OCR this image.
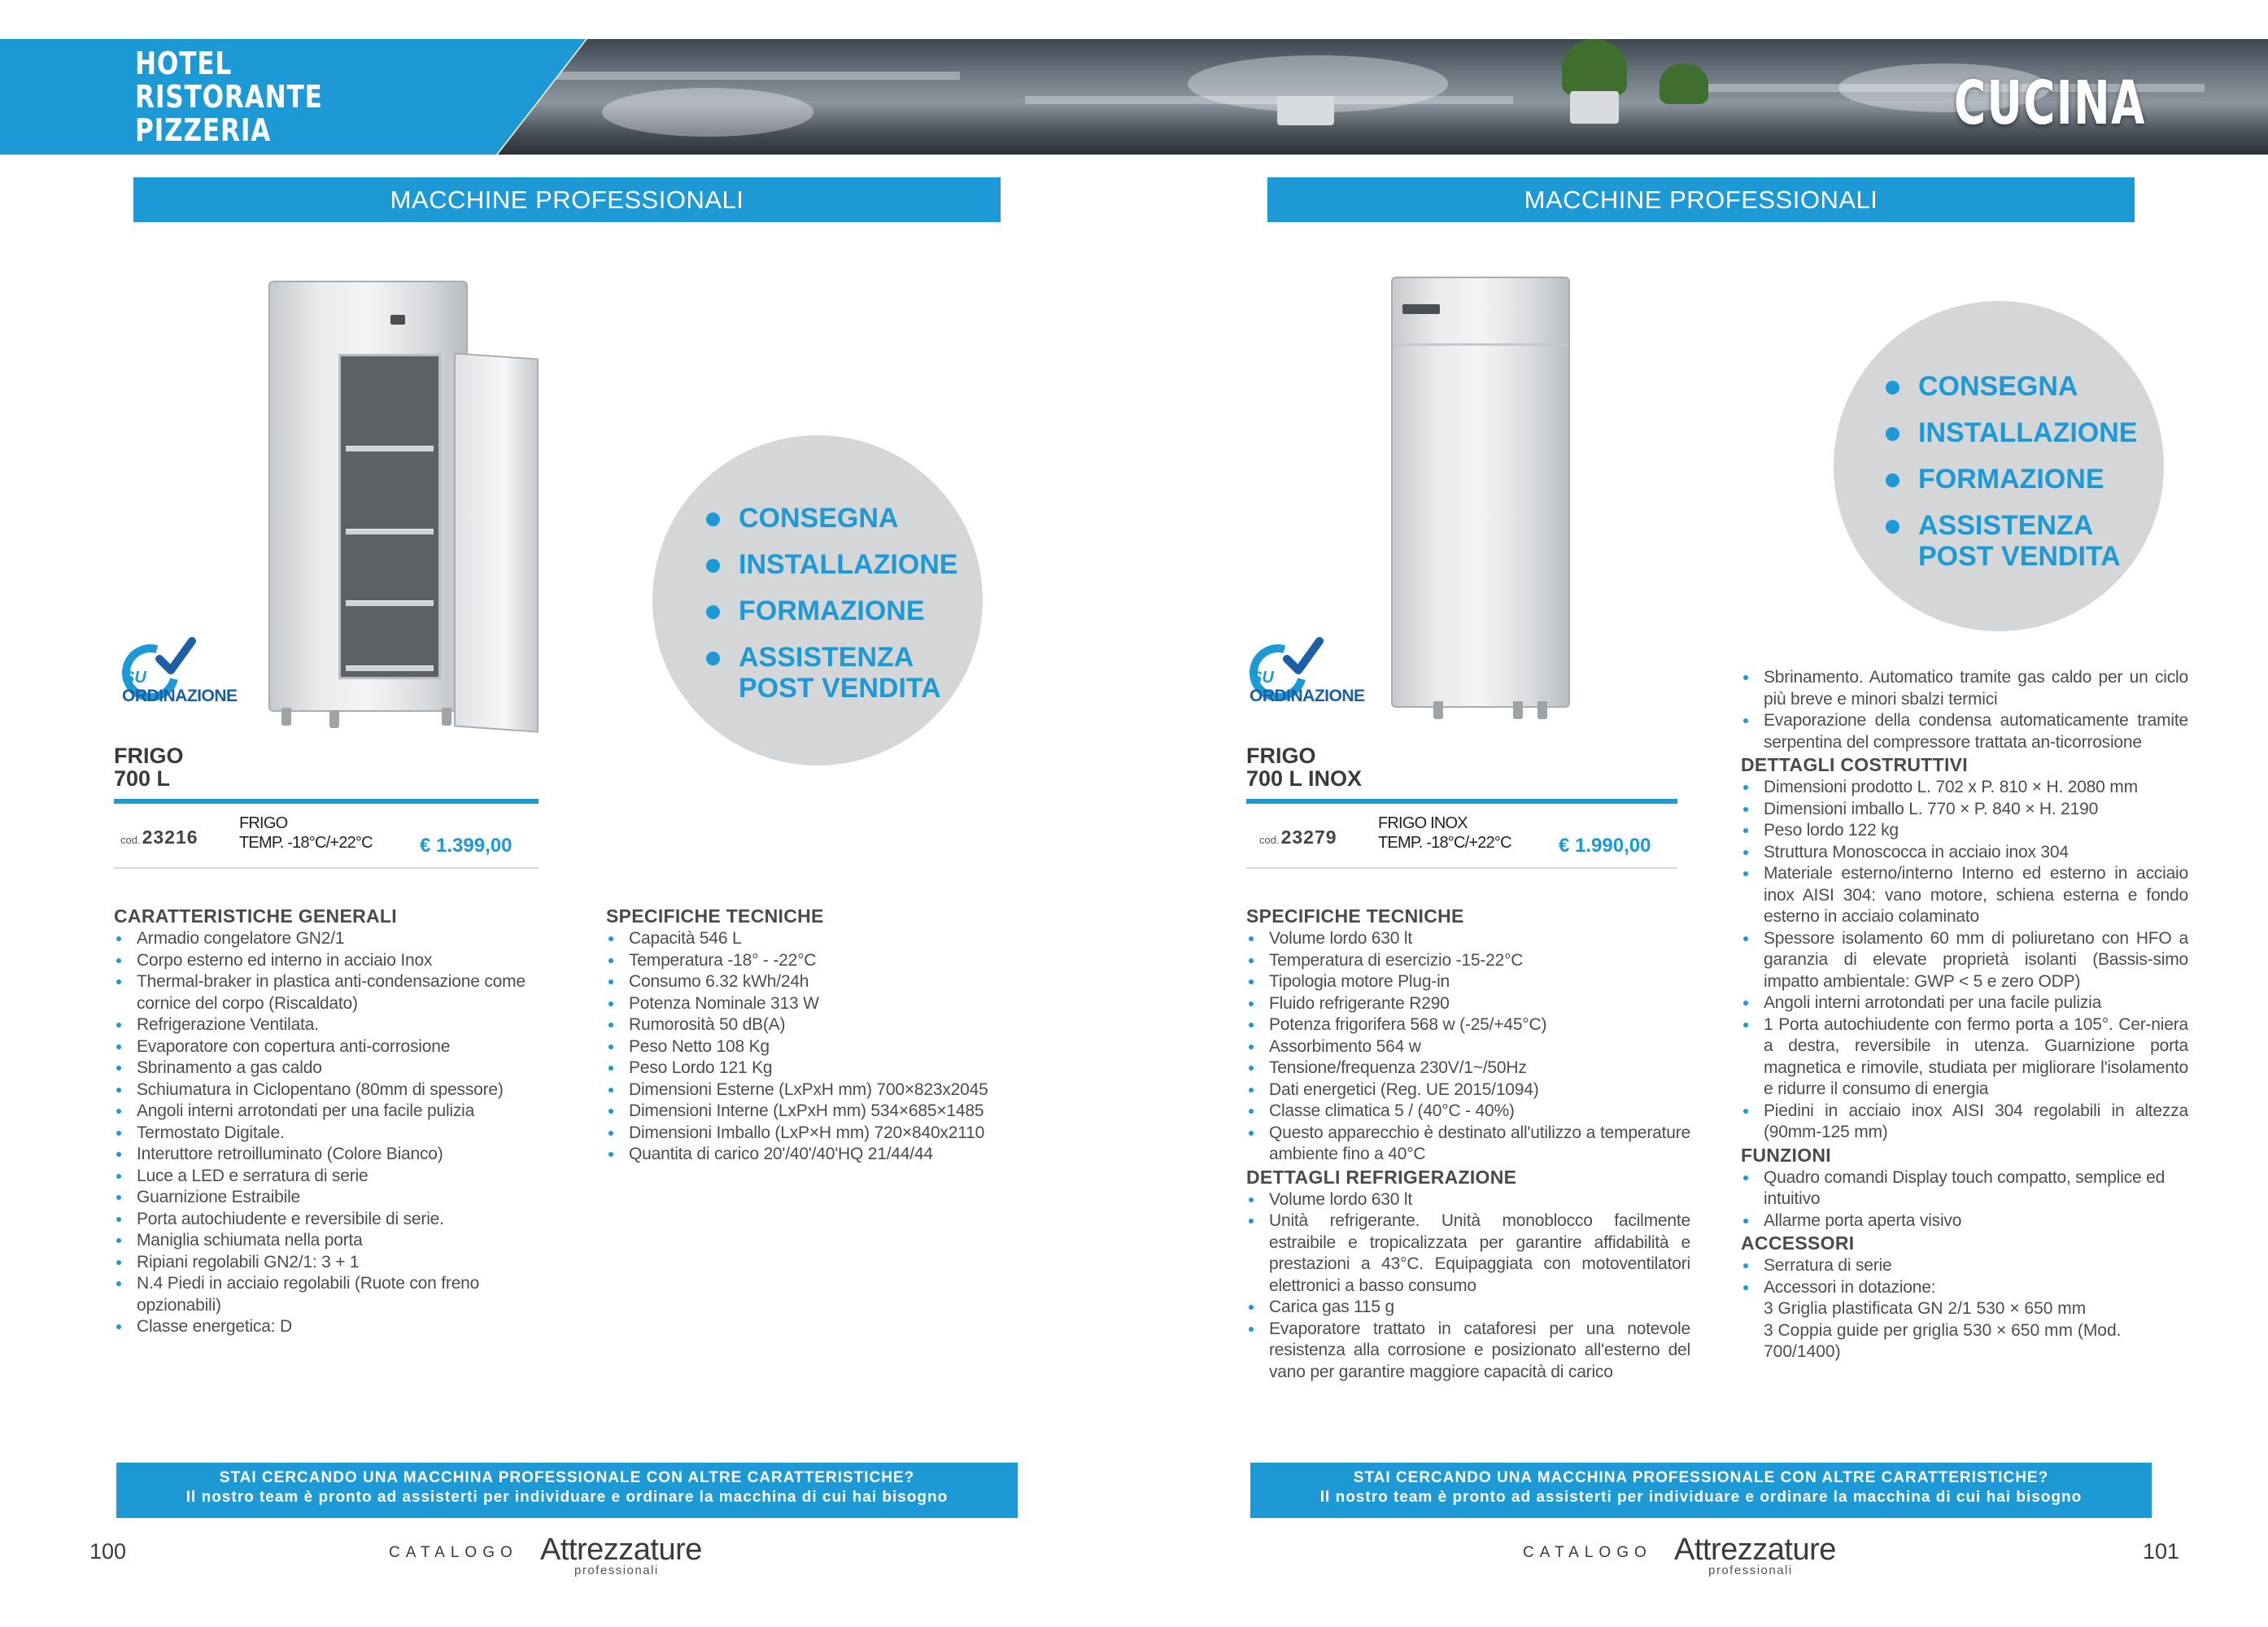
HOTEL
RISTORANTE
PIZZERIA	CUCINA
MACCHINE PROFESSIONALI
CONSEGNA
INSTALLAZIONE
FORMAZIONE
ASSISTENZA
POST VENDITA
SU
ORDINAZIONE
FRIGO
700 L
cod.23216
FRIGO
TEMP. -18°C/+22°C € 1.399,00
CARATTERISTICHE GENERALI
Armadio congelatore GN2/1
Corpo esterno ed interno in acciaio Inox
Thermal-braker in plastica anti-condensazione come cornice del corpo (Riscaldato)
Refrigerazione Ventilata.
Evaporatore con copertura anti-corrosione
Sbrinamento a gas caldo
Schiumatura in Ciclopentano (80mm di spessore)
Angoli interni arrotondati per una facile pulizia
Termostato Digitale.
Interuttore retroilluminato (Colore Bianco)
Luce a LED e serratura di serie
Guarnizione Estraibile
Porta autochiudente e reversibile di serie.
Maniglia schiumata nella porta
Ripiani regolabili GN2/1: 3 + 1
N.4 Piedi in acciaio regolabili (Ruote con freno opzionabili)
Classe energetica: D
SPECIFICHE TECNICHE
Capacità 546 L
Temperatura -18° - -22°C
Consumo 6.32 kWh/24h
Potenza Nominale 313 W
Rumorosità 50 dB(A)
Peso Netto 108 Kg
Peso Lordo 121 Kg
Dimensioni Esterne (LxPxH mm) 700×823x2045
Dimensioni Interne (LxPxH mm) 534×685×1485
Dimensioni Imballo (LxP×H mm) 720×840x2110
Quantita di carico 20'/40'/40'HQ 21/44/44
STAI CERCANDO UNA MACCHINA PROFESSIONALE CON ALTRE CARATTERISTICHE?
Il nostro team è pronto ad assisterti per individuare e ordinare la macchina di cui hai bisogno
100	CATALOGO Attrezzature
professionali
MACCHINE PROFESSIONALI
CONSEGNA
INSTALLAZIONE
FORMAZIONE
ASSISTENZA
POST VENDITA
SU
ORDINAZIONE
FRIGO
700 L INOX
cod.23279
FRIGO INOX
TEMP. -18°C/+22°C € 1.990,00
SPECIFICHE TECNICHE
Volume lordo 630 lt
Temperatura di esercizio -15-22°C
Tipologia motore Plug-in
Fluido refrigerante R290
Potenza frigorifera 568 w (-25/+45°C)
Assorbimento 564 w
Tensione/frequenza 230V/1~/50Hz
Dati energetici (Reg. UE 2015/1094)
Classe climatica 5 / (40°C - 40%)
Questo apparecchio è destinato all'utilizzo a temperature ambiente fino a 40°C
DETTAGLI REFRIGERAZIONE
Volume lordo 630 lt
Unità refrigerante. Unità monoblocco facilmente estraibile e tropicalizzata per garantire affidabilità e prestazioni a 43°C. Equipaggiata con motoventilatori elettronici a basso consumo
Carica gas 115 g
Evaporatore trattato in cataforesi per una notevole resistenza alla corrosione e posizionato all'esterno del vano per garantire maggiore capacità di carico
Sbrinamento. Automatico tramite gas caldo per un ciclo più breve e minori sbalzi termici
Evaporazione della condensa automaticamente tramite serpentina del compressore trattata an-ticorrosione
DETTAGLI COSTRUTTIVI
Dimensioni prodotto L. 702 x P. 810 × H. 2080 mm
Dimensioni imballo L. 770 × P. 840 × H. 2190
Peso lordo 122 kg
Struttura Monoscocca in acciaio inox 304
Materiale esterno/interno Interno ed esterno in acciaio inox AISI 304: vano motore, schiena esterna e fondo esterno in acciaio colaminato
Spessore isolamento 60 mm di poliuretano con HFO a garanzia di elevate proprietà isolanti (Bassis-simo impatto ambientale: GWP < 5 e zero ODP)
Angoli interni arrotondati per una facile pulizia
1 Porta autochiudente con fermo porta a 105°. Cer-niera a destra, reversibile in utenza. Guarnizione porta magnetica e rimovile, studiata per migliorare l'isolamento e ridurre il consumo di energia
Piedini in acciaio inox AISI 304 regolabili in altezza (90mm-125 mm)
FUNZIONI
Quadro comandi Display touch compatto, semplice ed intuitivo
Allarme porta aperta visivo
ACCESSORI
Serratura di serie
Accessori in dotazione:
3 Griglia plastificata GN 2/1 530 × 650 mm
3 Coppia guide per griglia 530 × 650 mm (Mod. 700/1400)
STAI CERCANDO UNA MACCHINA PROFESSIONALE CON ALTRE CARATTERISTICHE?
Il nostro team è pronto ad assisterti per individuare e ordinare la macchina di cui hai bisogno
CATALOGO Attrezzature
professionali
101
